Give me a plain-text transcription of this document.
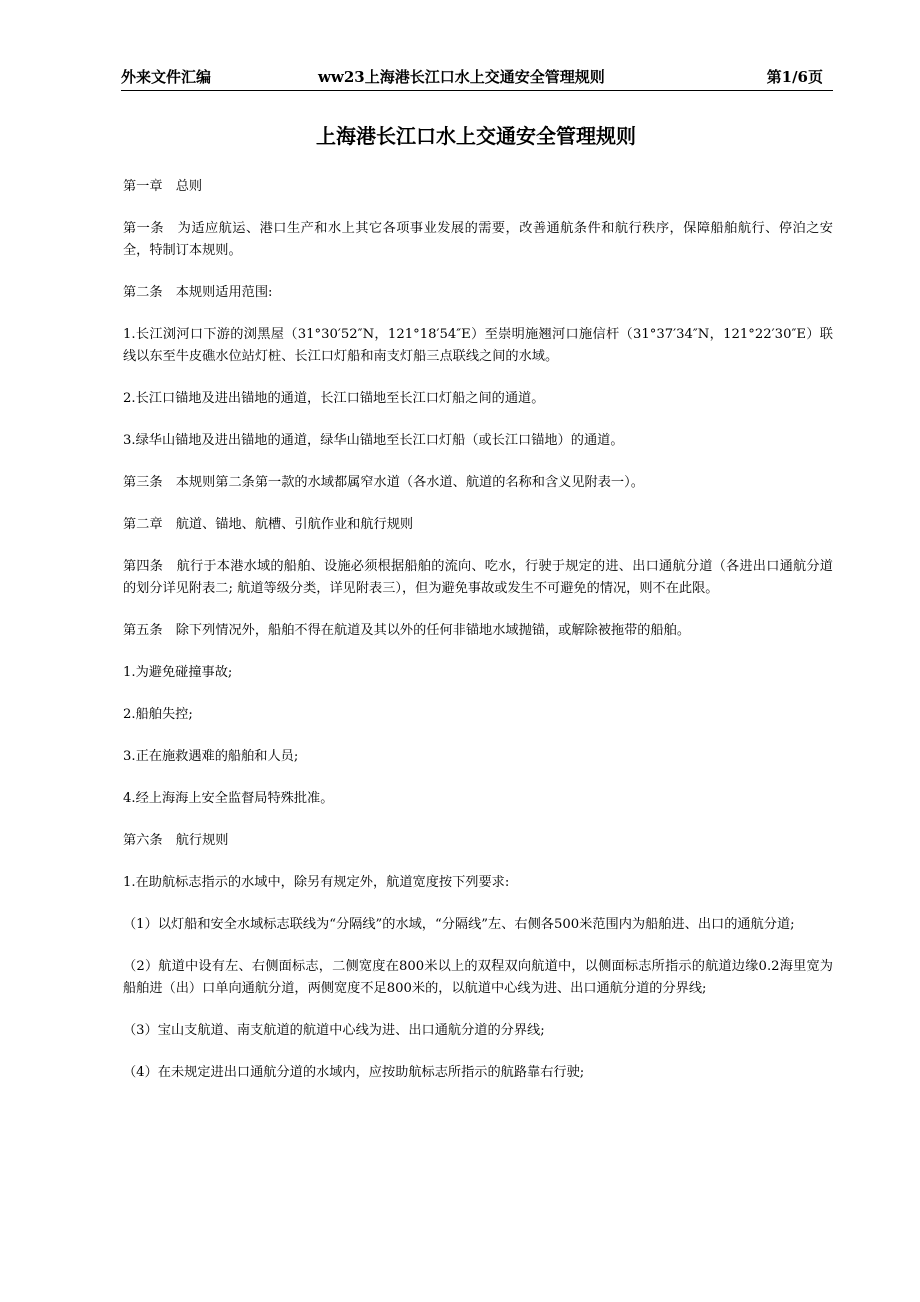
外来文件汇编	ww23上海港长江口水上交通安全管理规则	第1/6页
上海港长江口水上交通安全管理规则

第一章　总则

第一条　为适应航运、港口生产和水上其它各项事业发展的需要，改善通航条件和航行秩序，保障船舶航行、停泊之安全，特制订本规则。

第二条　本规则适用范围:

1.长江浏河口下游的浏黑屋（31°30′52″N，121°18′54″E）至崇明施翘河口施信杆（31°37′34″N，121°22′30″E）联线以东至牛皮礁水位站灯桩、长江口灯船和南支灯船三点联线之间的水域。

2.长江口锚地及进出锚地的通道，长江口锚地至长江口灯船之间的通道。

3.绿华山锚地及进出锚地的通道，绿华山锚地至长江口灯船（或长江口锚地）的通道。

第三条　本规则第二条第一款的水域都属窄水道（各水道、航道的名称和含义见附表一）。

第二章　航道、锚地、航槽、引航作业和航行规则

第四条　航行于本港水域的船舶、设施必须根据船舶的流向、吃水，行驶于规定的进、出口通航分道（各进出口通航分道的划分详见附表二; 航道等级分类，详见附表三），但为避免事故或发生不可避免的情况，则不在此限。

第五条　除下列情况外，船舶不得在航道及其以外的任何非锚地水域抛锚，或解除被拖带的船舶。

1.为避免碰撞事故;

2.船舶失控;

3.正在施救遇难的船舶和人员;

4.经上海海上安全监督局特殊批准。

第六条　航行规则

1.在助航标志指示的水域中，除另有规定外，航道宽度按下列要求:

（1）以灯船和安全水域标志联线为“分隔线”的水域，“分隔线”左、右侧各500米范围内为船舶进、出口的通航分道;

（2）航道中设有左、右侧面标志，二侧宽度在800米以上的双程双向航道中，以侧面标志所指示的航道边缘0.2海里宽为船舶进（出）口单向通航分道，两侧宽度不足800米的，以航道中心线为进、出口通航分道的分界线;

（3）宝山支航道、南支航道的航道中心线为进、出口通航分道的分界线;

（4）在未规定进出口通航分道的水域内，应按助航标志所指示的航路靠右行驶;
